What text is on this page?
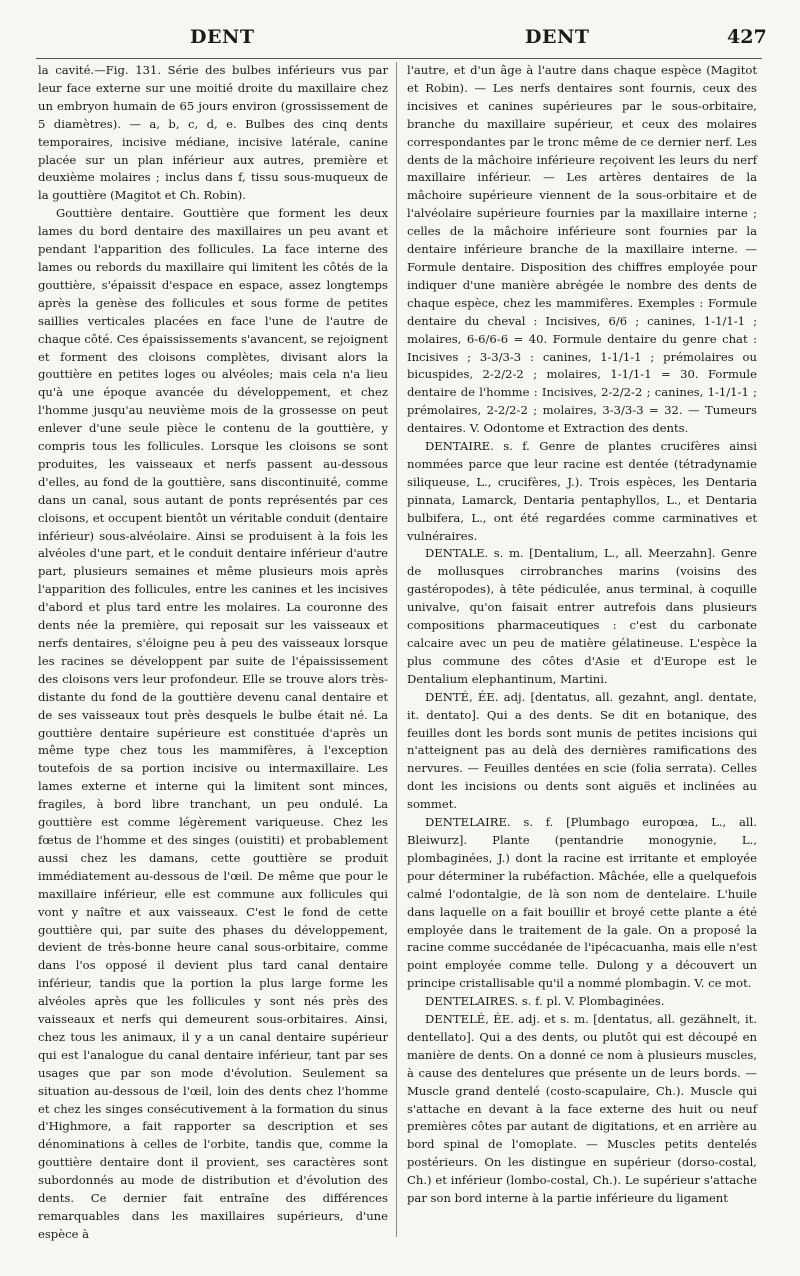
DENT	DENT	427

la cavité.—Fig. 131. Série des bulbes inférieurs vus par leur face externe sur une moitié droite du maxillaire chez un embryon humain de 65 jours environ (grossissement de 5 diamètres). — a, b, c, d, e. Bulbes des cinq dents temporaires, incisive médiane, incisive latérale, canine placée sur un plan inférieur aux autres, première et deuxième molaires ; inclus dans f, tissu sous-muqueux de la gouttière (Magitot et Ch. Robin).

Gouttière dentaire. Gouttière que forment les deux lames du bord dentaire des maxillaires un peu avant et pendant l'apparition des follicules. La face interne des lames ou rebords du maxillaire qui limitent les côtés de la gouttière, s'épaissit d'espace en espace, assez longtemps après la genèse des follicules et sous forme de petites saillies verticales placées en face l'une de l'autre de chaque côté. Ces épaississements s'avancent, se rejoignent et forment des cloisons complètes, divisant alors la gouttière en petites loges ou alvéoles; mais cela n'a lieu qu'à une époque avancée du développement, et chez l'homme jusqu'au neuvième mois de la grossesse on peut enlever d'une seule pièce le contenu de la gouttière, y compris tous les follicules. Lorsque les cloisons se sont produites, les vaisseaux et nerfs passent au-dessous d'elles, au fond de la gouttière, sans discontinuité, comme dans un canal, sous autant de ponts représentés par ces cloisons, et occupent bientôt un véritable conduit (dentaire inférieur) sous-alvéolaire. Ainsi se produisent à la fois les alvéoles d'une part, et le conduit dentaire inférieur d'autre part, plusieurs semaines et même plusieurs mois après l'apparition des follicules, entre les canines et les incisives d'abord et plus tard entre les molaires. La couronne des dents née la première, qui reposait sur les vaisseaux et nerfs dentaires, s'éloigne peu à peu des vaisseaux lorsque les racines se développent par suite de l'épaississement des cloisons vers leur profondeur. Elle se trouve alors très-distante du fond de la gouttière devenu canal dentaire et de ses vaisseaux tout près desquels le bulbe était né. La gouttière dentaire supérieure est constituée d'après un même type chez tous les mammifères, à l'exception toutefois de sa portion incisive ou intermaxillaire. Les lames externe et interne qui la limitent sont minces, fragiles, à bord libre tranchant, un peu ondulé. La gouttière est comme légèrement variqueuse. Chez les fœtus de l'homme et des singes (ouistiti) et probablement aussi chez les damans, cette gouttière se produit immédiatement au-dessous de l'œil. De même que pour le maxillaire inférieur, elle est commune aux follicules qui vont y naître et aux vaisseaux. C'est le fond de cette gouttière qui, par suite des phases du développement, devient de très-bonne heure canal sous-orbitaire, comme dans l'os opposé il devient plus tard canal dentaire inférieur, tandis que la portion la plus large forme les alvéoles après que les follicules y sont nés près des vaisseaux et nerfs qui demeurent sous-orbitaires. Ainsi, chez tous les animaux, il y a un canal dentaire supérieur qui est l'analogue du canal dentaire inférieur, tant par ses usages que par son mode d'évolution. Seulement sa situation au-dessous de l'œil, loin des dents chez l'homme et chez les singes consécutivement à la formation du sinus d'Highmore, a fait rapporter sa description et ses dénominations à celles de l'orbite, tandis que, comme la gouttière dentaire dont il provient, ses caractères sont subordonnés au mode de distribution et d'évolution des dents. Ce dernier fait entraîne des différences remarquables dans les maxillaires supérieurs, d'une espèce à

l'autre, et d'un âge à l'autre dans chaque espèce (Magitot et Robin). — Les nerfs dentaires sont fournis, ceux des incisives et canines supérieures par le sous-orbitaire, branche du maxillaire supérieur, et ceux des molaires correspondantes par le tronc même de ce dernier nerf. Les dents de la mâchoire inférieure reçoivent les leurs du nerf maxillaire inférieur. — Les artères dentaires de la mâchoire supérieure viennent de la sous-orbitaire et de l'alvéolaire supérieure fournies par la maxillaire interne ; celles de la mâchoire inférieure sont fournies par la dentaire inférieure branche de la maxillaire interne. — Formule dentaire. Disposition des chiffres employée pour indiquer d'une manière abrégée le nombre des dents de chaque espèce, chez les mammifères. Exemples : Formule dentaire du cheval : Incisives, 6/6 ; canines, 1-1/1-1 ; molaires, 6-6/6-6 = 40. Formule dentaire du genre chat : Incisives ; 3-3/3-3 : canines, 1-1/1-1 ; prémolaires ou bicuspides, 2-2/2-2 ; molaires, 1-1/1-1 = 30. Formule dentaire de l'homme : Incisives, 2-2/2-2 ; canines, 1-1/1-1 ; prémolaires, 2-2/2-2 ; molaires, 3-3/3-3 = 32. — Tumeurs dentaires. V. Odontome et Extraction des dents.

DENTAIRE. s. f. Genre de plantes crucifères ainsi nommées parce que leur racine est dentée (tétradynamie siliqueuse, L., crucifères, J.). Trois espèces, les Dentaria pinnata, Lamarck, Dentaria pentaphyllos, L., et Dentaria bulbifera, L., ont été regardées comme carminatives et vulnéraires.

DENTALE. s. m. [Dentalium, L., all. Meerzahn]. Genre de mollusques cirrobranches marins (voisins des gastéropodes), à tête pédiculée, anus terminal, à coquille univalve, qu'on faisait entrer autrefois dans plusieurs compositions pharmaceutiques : c'est du carbonate calcaire avec un peu de matière gélatineuse. L'espèce la plus commune des côtes d'Asie et d'Europe est le Dentalium elephantinum, Martini.

DENTÉ, ÉE. adj. [dentatus, all. gezahnt, angl. dentate, it. dentato]. Qui a des dents. Se dit en botanique, des feuilles dont les bords sont munis de petites incisions qui n'atteignent pas au delà des dernières ramifications des nervures. — Feuilles dentées en scie (folia serrata). Celles dont les incisions ou dents sont aiguës et inclinées au sommet.

DENTELAIRE. s. f. [Plumbago europœa, L., all. Bleiwurz]. Plante (pentandrie monogynie, L., plombaginées, J.) dont la racine est irritante et employée pour déterminer la rubéfaction. Mâchée, elle a quelquefois calmé l'odontalgie, de là son nom de dentelaire. L'huile dans laquelle on a fait bouillir et broyé cette plante a été employée dans le traitement de la gale. On a proposé la racine comme succédanée de l'ipécacuanha, mais elle n'est point employée comme telle. Dulong y a découvert un principe cristallisable qu'il a nommé plombagin. V. ce mot.

DENTELAIRES. s. f. pl. V. Plombaginées.

DENTELÉ, ÉE. adj. et s. m. [dentatus, all. gezähnelt, it. dentellato]. Qui a des dents, ou plutôt qui est découpé en manière de dents. On a donné ce nom à plusieurs muscles, à cause des dentelures que présente un de leurs bords. — Muscle grand dentelé (costo-scapulaire, Ch.). Muscle qui s'attache en devant à la face externe des huit ou neuf premières côtes par autant de digitations, et en arrière au bord spinal de l'omoplate. — Muscles petits dentelés postérieurs. On les distingue en supérieur (dorso-costal, Ch.) et inférieur (lombo-costal, Ch.). Le supérieur s'attache par son bord interne à la partie inférieure du ligament
